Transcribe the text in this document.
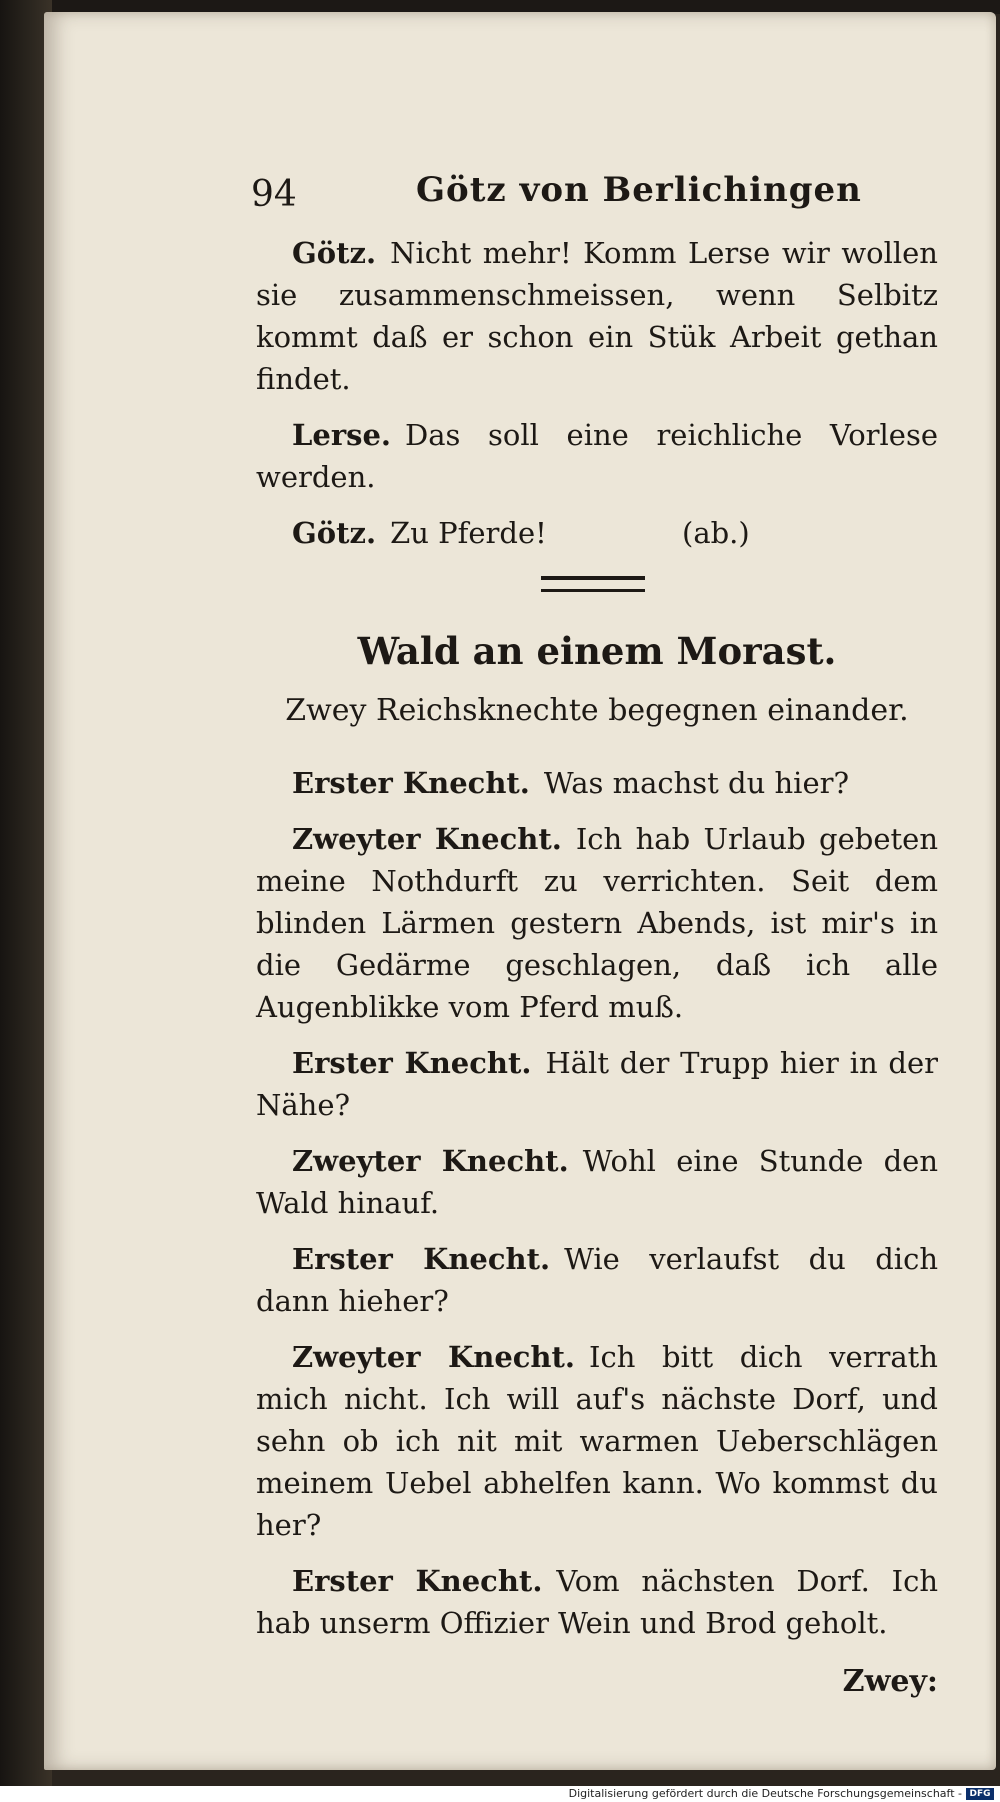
94	Götz von Berlichingen

Götz. Nicht mehr! Komm Lerse wir wollen sie zusammenschmeissen, wenn Selbitz kommt daß er schon ein Stük Arbeit gethan findet.

Lerse. Das soll eine reichliche Vorlese werden.

Götz. Zu Pferde!	(ab.)
Wald an einem Morast.
Zwey Reichsknechte begegnen einander.

Erster Knecht. Was machst du hier?

Zweyter Knecht. Ich hab Urlaub gebeten meine Nothdurft zu verrichten. Seit dem blinden Lärmen gestern Abends, ist mir's in die Gedärme geschlagen, daß ich alle Augenblikke vom Pferd muß.

Erster Knecht. Hält der Trupp hier in der Nähe?

Zweyter Knecht. Wohl eine Stunde den Wald hinauf.

Erster Knecht. Wie verlaufst du dich dann hieher?

Zweyter Knecht. Ich bitt dich verrath mich nicht. Ich will auf's nächste Dorf, und sehn ob ich nit mit warmen Ueberschlägen meinem Uebel abhelfen kann. Wo kommst du her?

Erster Knecht. Vom nächsten Dorf. Ich hab unserm Offizier Wein und Brod geholt.

Zwey:
Digitalisierung gefördert durch die Deutsche Forschungsgemeinschaft - DFG
